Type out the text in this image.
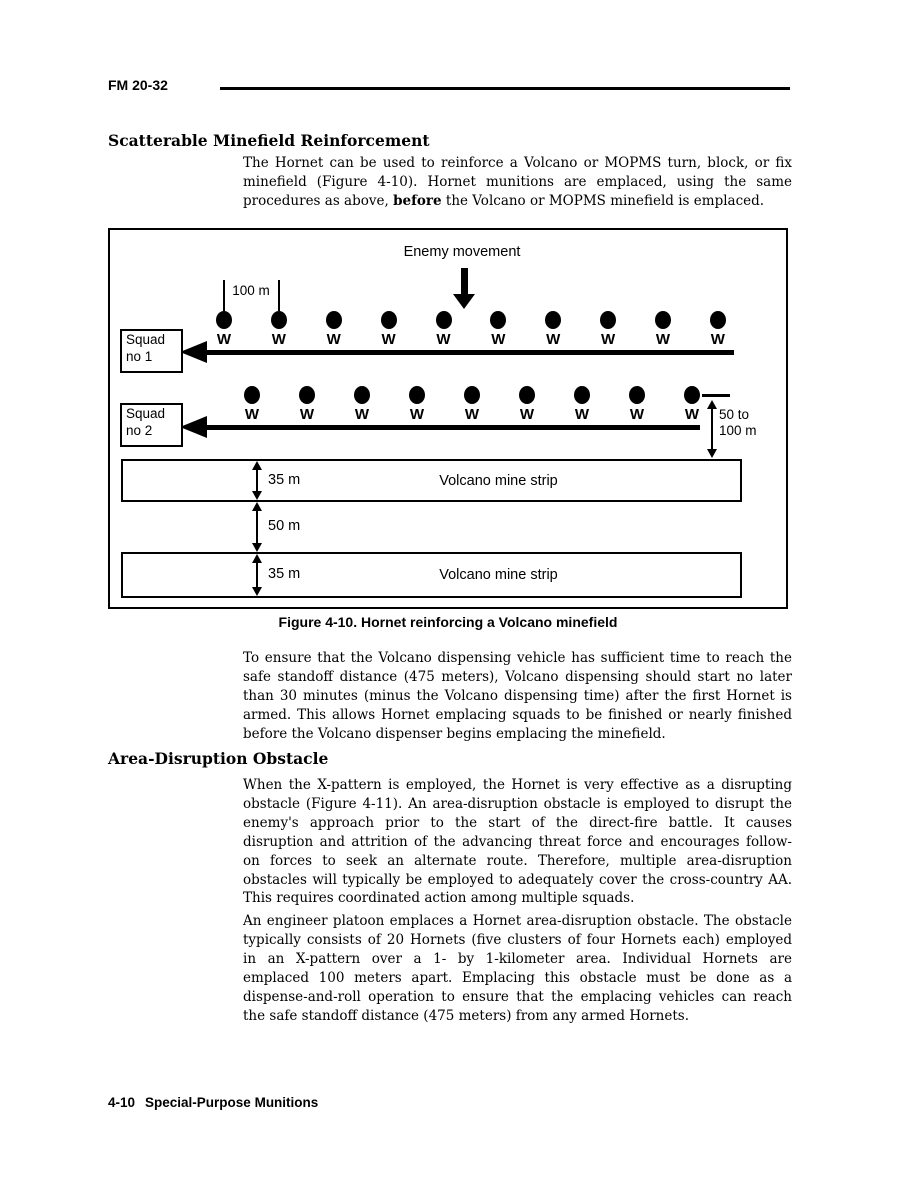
FM 20-32
Scatterable Minefield Reinforcement
The Hornet can be used to reinforce a Volcano or MOPMS turn, block, or fix
minefield (Figure 4-10). Hornet munitions are emplaced, using the same
procedures as above, before the Volcano or MOPMS minefield is emplaced.
Enemy movement
100 m
W	W	W	W	W	W	W	W	W	W
Squad
no 1
W	W	W	W	W	W	W	W	W
Squad
no 2
50 to
100 m
Volcano mine strip
35 m
50 m
Volcano mine strip
35 m
Figure 4-10. Hornet reinforcing a Volcano minefield
To ensure that the Volcano dispensing vehicle has sufficient time to reach the
safe standoff distance (475 meters), Volcano dispensing should start no later
than 30 minutes (minus the Volcano dispensing time) after the first Hornet is
armed. This allows Hornet emplacing squads to be finished or nearly finished
before the Volcano dispenser begins emplacing the minefield.
Area-Disruption Obstacle
When the X-pattern is employed, the Hornet is very effective as a disrupting
obstacle (Figure 4-11). An area-disruption obstacle is employed to disrupt the
enemy's approach prior to the start of the direct-fire battle. It causes
disruption and attrition of the advancing threat force and encourages follow-
on forces to seek an alternate route. Therefore, multiple area-disruption
obstacles will typically be employed to adequately cover the cross-country AA.
This requires coordinated action among multiple squads.
An engineer platoon emplaces a Hornet area-disruption obstacle. The obstacle
typically consists of 20 Hornets (five clusters of four Hornets each) employed
in an X-pattern over a 1- by 1-kilometer area. Individual Hornets are
emplaced 100 meters apart. Emplacing this obstacle must be done as a
dispense-and-roll operation to ensure that the emplacing vehicles can reach
the safe standoff distance (475 meters) from any armed Hornets.
4-10 Special-Purpose Munitions
